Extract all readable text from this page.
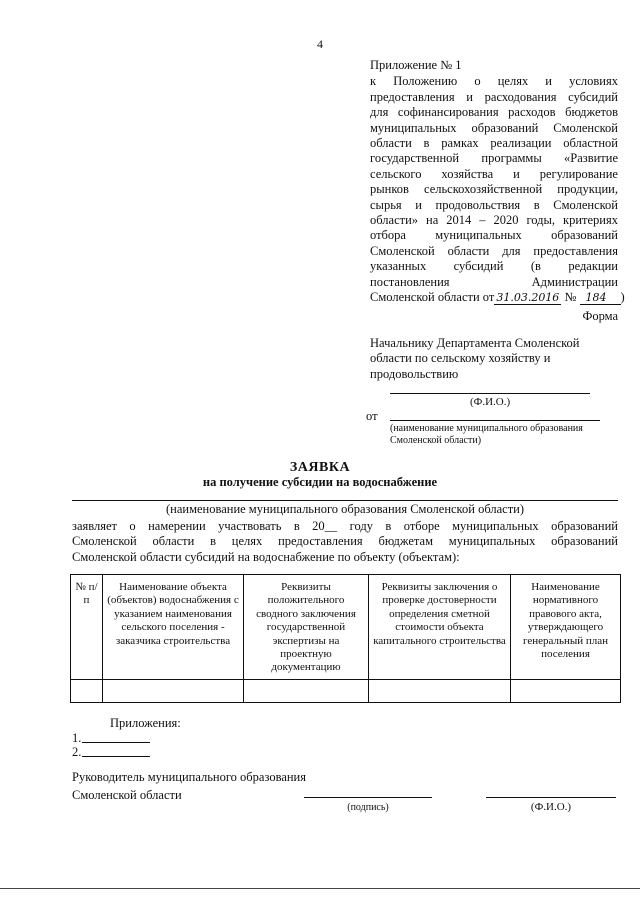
4
Приложение № 1
к Положению о целях и условиях
предоставления и расходования субсидий
для софинансирования расходов бюджетов
муниципальных образований Смоленской
области в рамках реализации областной
государственной программы «Развитие
сельского хозяйства и регулирование
рынков сельскохозяйственной продукции,
сырья и продовольствия в Смоленской
области» на 2014 – 2020 годы, критериях
отбора муниципальных образований
Смоленской области для предоставления
указанных субсидий (в редакции
постановления Администрации
Смоленской области от 31.03.2016 № 184 )
Форма
Начальнику Департамента Смоленской
области по сельскому хозяйству и
продовольствию
(Ф.И.О.)
от
(наименование муниципального образования
Смоленской области)
ЗАЯВКА
на получение субсидии на водоснабжение
(наименование муниципального образования Смоленской области)
заявляет о намерении участвовать в 20__ году в отборе муниципальных образований
Смоленской области в целях предоставления бюджетам муниципальных образований
Смоленской области субсидий на водоснабжение по объекту (объектам):
№ п/п	Наименование объекта (объектов) водоснабжения с указанием наименования сельского поселения - заказчика строительства	Реквизиты положительного сводного заключения государственной экспертизы на проектную документацию	Реквизиты заключения о проверке достоверности определения сметной стоимости объекта капитального строительства	Наименование нормативного правового акта, утверждающего генеральный план поселения

Приложения:
1.
2.
Руководитель муниципального образования
Смоленской области
(подпись)	(Ф.И.О.)
